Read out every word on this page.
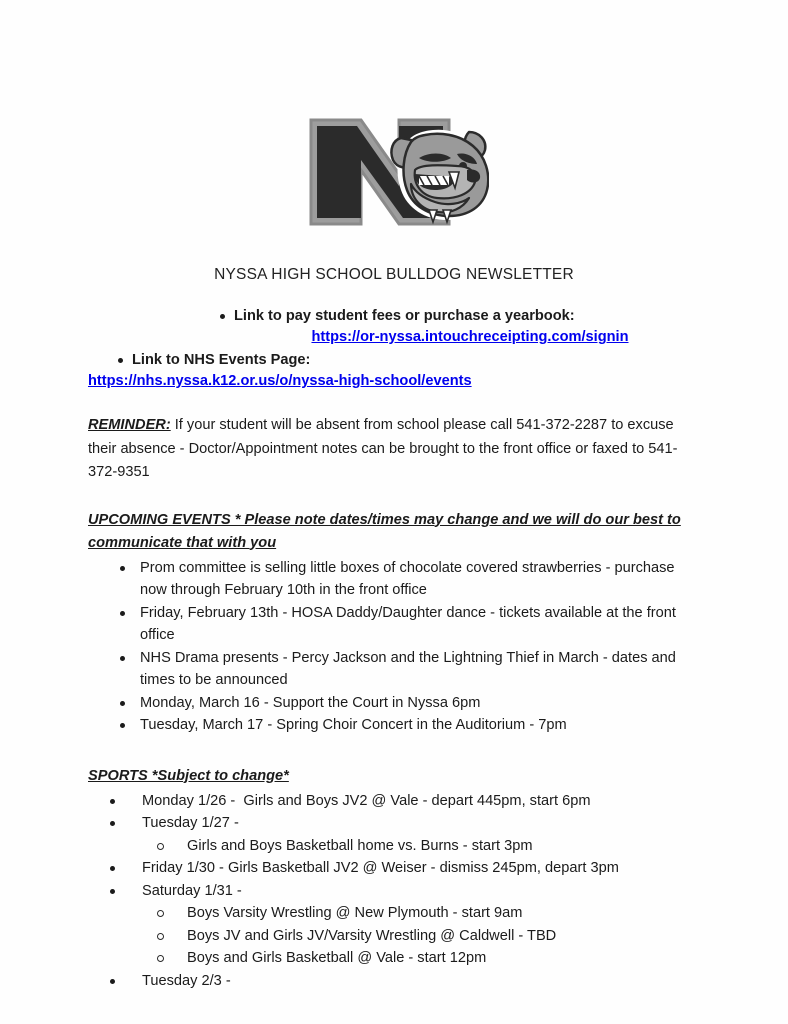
NYSSA HIGH SCHOOL BULLDOG NEWSLETTER
Link to pay student fees or purchase a yearbook:
https://or-nyssa.intouchreceipting.com/signin
Link to NHS Events Page:
https://nhs.nyssa.k12.or.us/o/nyssa-high-school/events
REMINDER: If your student will be absent from school please call 541-372-2287 to excuse their absence - Doctor/Appointment notes can be brought to the front office or faxed to 541-372-9351
UPCOMING EVENTS * Please note dates/times may change and we will do our best to communicate that with you
Prom committee is selling little boxes of chocolate covered strawberries - purchase now through February 10th in the front office
Friday, February 13th - HOSA Daddy/Daughter dance - tickets available at the front office
NHS Drama presents - Percy Jackson and the Lightning Thief in March - dates and times to be announced
Monday, March 16 - Support the Court in Nyssa 6pm
Tuesday, March 17 - Spring Choir Concert in the Auditorium - 7pm
SPORTS *Subject to change*
Monday 1/26 -  Girls and Boys JV2 @ Vale - depart 445pm, start 6pm
Tuesday 1/27 -
Girls and Boys Basketball home vs. Burns - start 3pm
Friday 1/30 - Girls Basketball JV2 @ Weiser - dismiss 245pm, depart 3pm
Saturday 1/31 -
Boys Varsity Wrestling @ New Plymouth - start 9am
Boys JV and Girls JV/Varsity Wrestling @ Caldwell - TBD
Boys and Girls Basketball @ Vale - start 12pm
Tuesday 2/3 -
